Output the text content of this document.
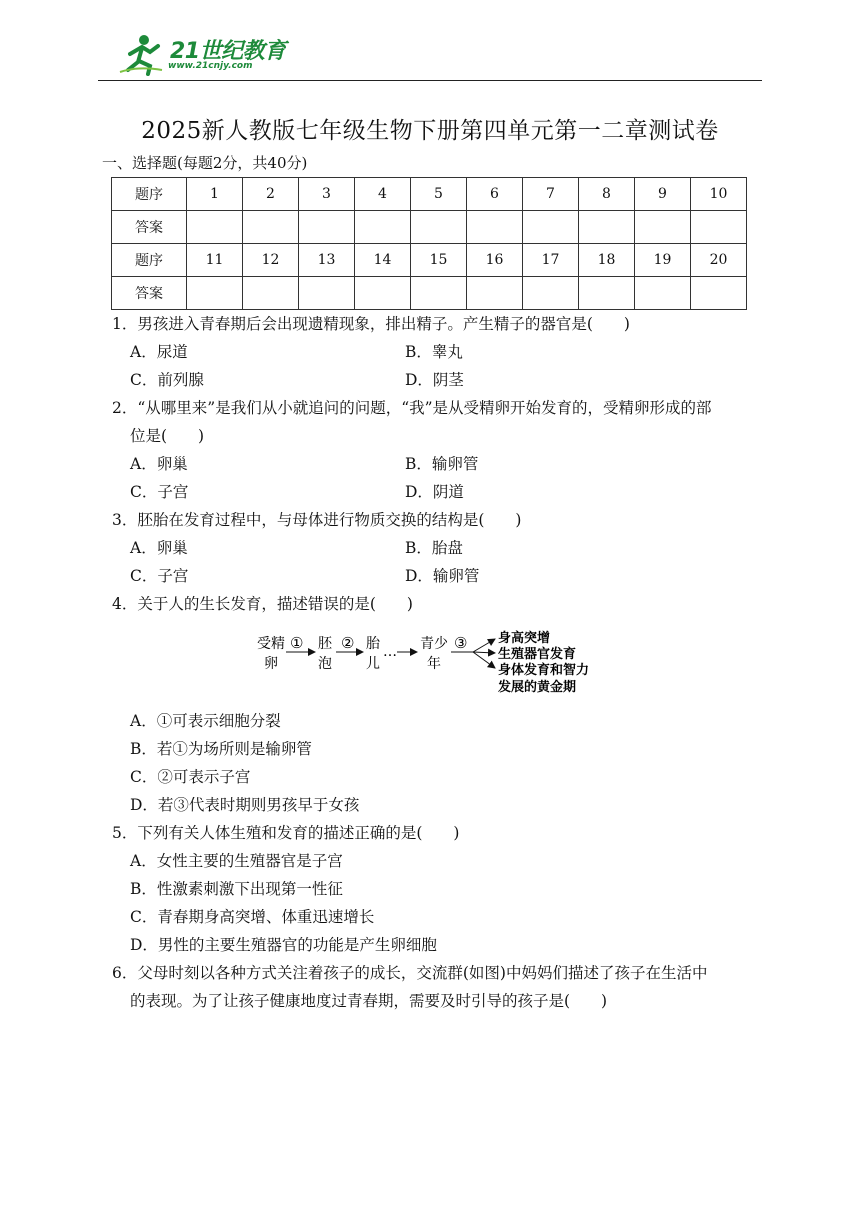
21世纪教育
www.21cnjy.com
2025新人教版七年级生物下册第四单元第一二章测试卷
一、选择题(每题2分，共40分)
题序	1	2	3	4	5	6	7	8	9	10
答案										
题序	11	12	13	14	15	16	17	18	19	20
答案										
1．男孩进入青春期后会出现遗精现象，排出精子。产生精子的器官是(　　)
A．尿道	B．睾丸
C．前列腺	D．阴茎
2．“从哪里来”是我们从小就追问的问题，“我”是从受精卵开始发育的，受精卵形成的部
位是(　　)
A．卵巢	B．输卵管
C．子宫	D．阴道
3．胚胎在发育过程中，与母体进行物质交换的结构是(　　)
A．卵巢	B．胎盘
C．子宫	D．输卵管
4．关于人的生长发育，描述错误的是(　　)
受精
卵
① 胚
泡
② 胎
儿
… 青少
年
③ 身高突增
生殖器官发育
身体发育和智力
发展的黄金期
A．①可表示细胞分裂
B．若①为场所则是输卵管
C．②可表示子宫
D．若③代表时期则男孩早于女孩
5．下列有关人体生殖和发育的描述正确的是(　　)
A．女性主要的生殖器官是子宫
B．性激素刺激下出现第一性征
C．青春期身高突增、体重迅速增长
D．男性的主要生殖器官的功能是产生卵细胞
6．父母时刻以各种方式关注着孩子的成长，交流群(如图)中妈妈们描述了孩子在生活中
的表现。为了让孩子健康地度过青春期，需要及时引导的孩子是(　　)
